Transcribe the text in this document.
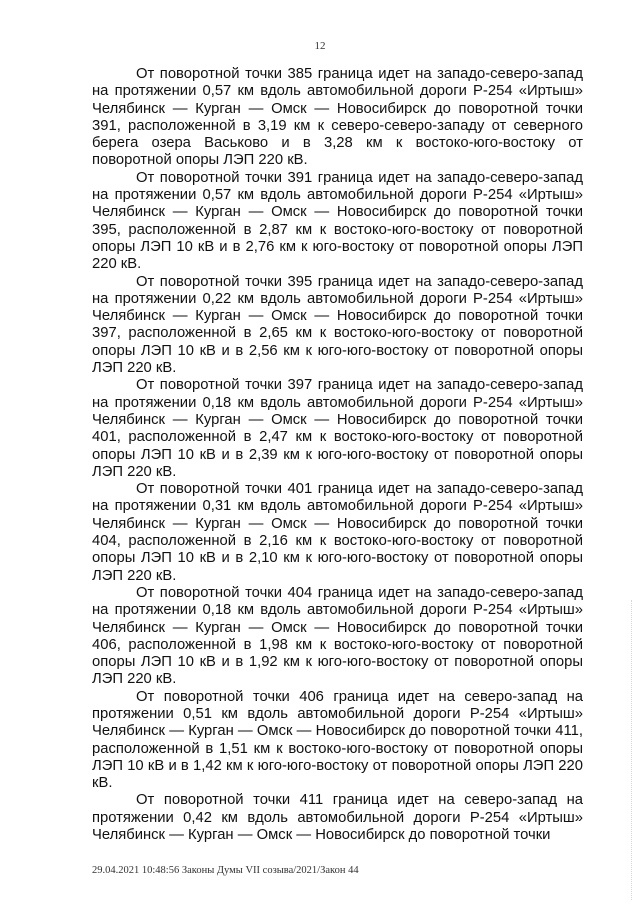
12

От поворотной точки 385 граница идет на западо-северо-запад на протяжении 0,57 км вдоль автомобильной дороги Р-254 «Иртыш» Челябинск — Курган — Омск — Новосибирск до поворотной точки 391, расположенной в 3,19 км к северо-северо-западу от северного берега озера Васьково и в 3,28 км к востоко-юго-востоку от поворотной опоры ЛЭП 220 кВ.

От поворотной точки 391 граница идет на западо-северо-запад на протяжении 0,57 км вдоль автомобильной дороги Р-254 «Иртыш» Челябинск — Курган — Омск — Новосибирск до поворотной точки 395, расположенной в 2,87 км к востоко-юго-востоку от поворотной опоры ЛЭП 10 кВ и в 2,76 км к юго-востоку от поворотной опоры ЛЭП 220 кВ.

От поворотной точки 395 граница идет на западо-северо-запад на протяжении 0,22 км вдоль автомобильной дороги Р-254 «Иртыш» Челябинск — Курган — Омск — Новосибирск до поворотной точки 397, расположенной в 2,65 км к востоко-юго-востоку от поворотной опоры ЛЭП 10 кВ и в 2,56 км к юго-юго-востоку от поворотной опоры ЛЭП 220 кВ.

От поворотной точки 397 граница идет на западо-северо-запад на протяжении 0,18 км вдоль автомобильной дороги Р-254 «Иртыш» Челябинск — Курган — Омск — Новосибирск до поворотной точки 401, расположенной в 2,47 км к востоко-юго-востоку от поворотной опоры ЛЭП 10 кВ и в 2,39 км к юго-юго-востоку от поворотной опоры ЛЭП 220 кВ.

От поворотной точки 401 граница идет на западо-северо-запад на протяжении 0,31 км вдоль автомобильной дороги Р-254 «Иртыш» Челябинск — Курган — Омск — Новосибирск до поворотной точки 404, расположенной в 2,16 км к востоко-юго-востоку от поворотной опоры ЛЭП 10 кВ и в 2,10 км к юго-юго-востоку от поворотной опоры ЛЭП 220 кВ.

От поворотной точки 404 граница идет на западо-северо-запад на протяжении 0,18 км вдоль автомобильной дороги Р-254 «Иртыш» Челябинск — Курган — Омск — Новосибирск до поворотной точки 406, расположенной в 1,98 км к востоко-юго-востоку от поворотной опоры ЛЭП 10 кВ и в 1,92 км к юго-юго-востоку от поворотной опоры ЛЭП 220 кВ.

От поворотной точки 406 граница идет на северо-запад на протяжении 0,51 км вдоль автомобильной дороги Р-254 «Иртыш» Челябинск — Курган — Омск — Новосибирск до поворотной точки 411, расположенной в 1,51 км к востоко-юго-востоку от поворотной опоры ЛЭП 10 кВ и в 1,42 км к юго-юго-востоку от поворотной опоры ЛЭП 220 кВ.

От поворотной точки 411 граница идет на северо-запад на протяжении 0,42 км вдоль автомобильной дороги Р-254 «Иртыш» Челябинск — Курган — Омск — Новосибирск до поворотной точки

29.04.2021 10:48:56 Законы Думы VII созыва/2021/Закон 44
